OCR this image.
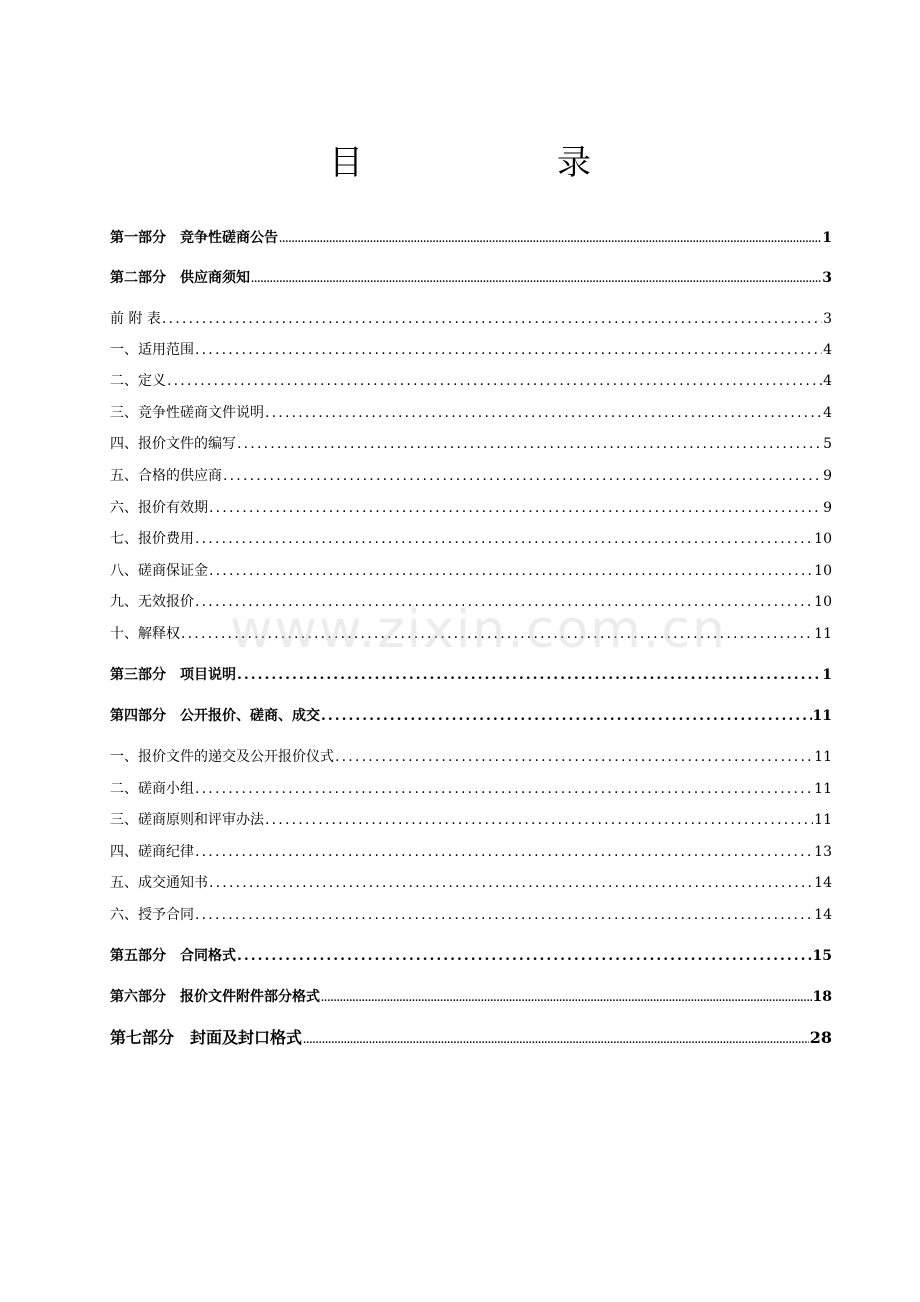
目　录
第一部分　竞争性磋商公告 .....	1
第二部分　供应商须知 .....	3
前 附 表 .....	3
一、适用范围 .....	4
二、定义 .....	4
三、竞争性磋商文件说明 .....	4
四、报价文件的编写 .....	5
五、合格的供应商 .....	9
六、报价有效期 .....	9
七、报价费用 .....	10
八、磋商保证金 .....	10
九、无效报价 .....	10
十、解释权 .....	11
第三部分　项目说明 .....	1
第四部分　公开报价、磋商、成交 .....	11
一、报价文件的递交及公开报价仪式 .....	11
二、磋商小组 .....	11
三、磋商原则和评审办法 .....	11
四、磋商纪律 .....	13
五、成交通知书 .....	14
六、授予合同 .....	14
第五部分　合同格式 .....	15
第六部分　报价文件附件部分格式 .....	18
第七部分　封面及封口格式 .....	28
www.zixin.com.cn
